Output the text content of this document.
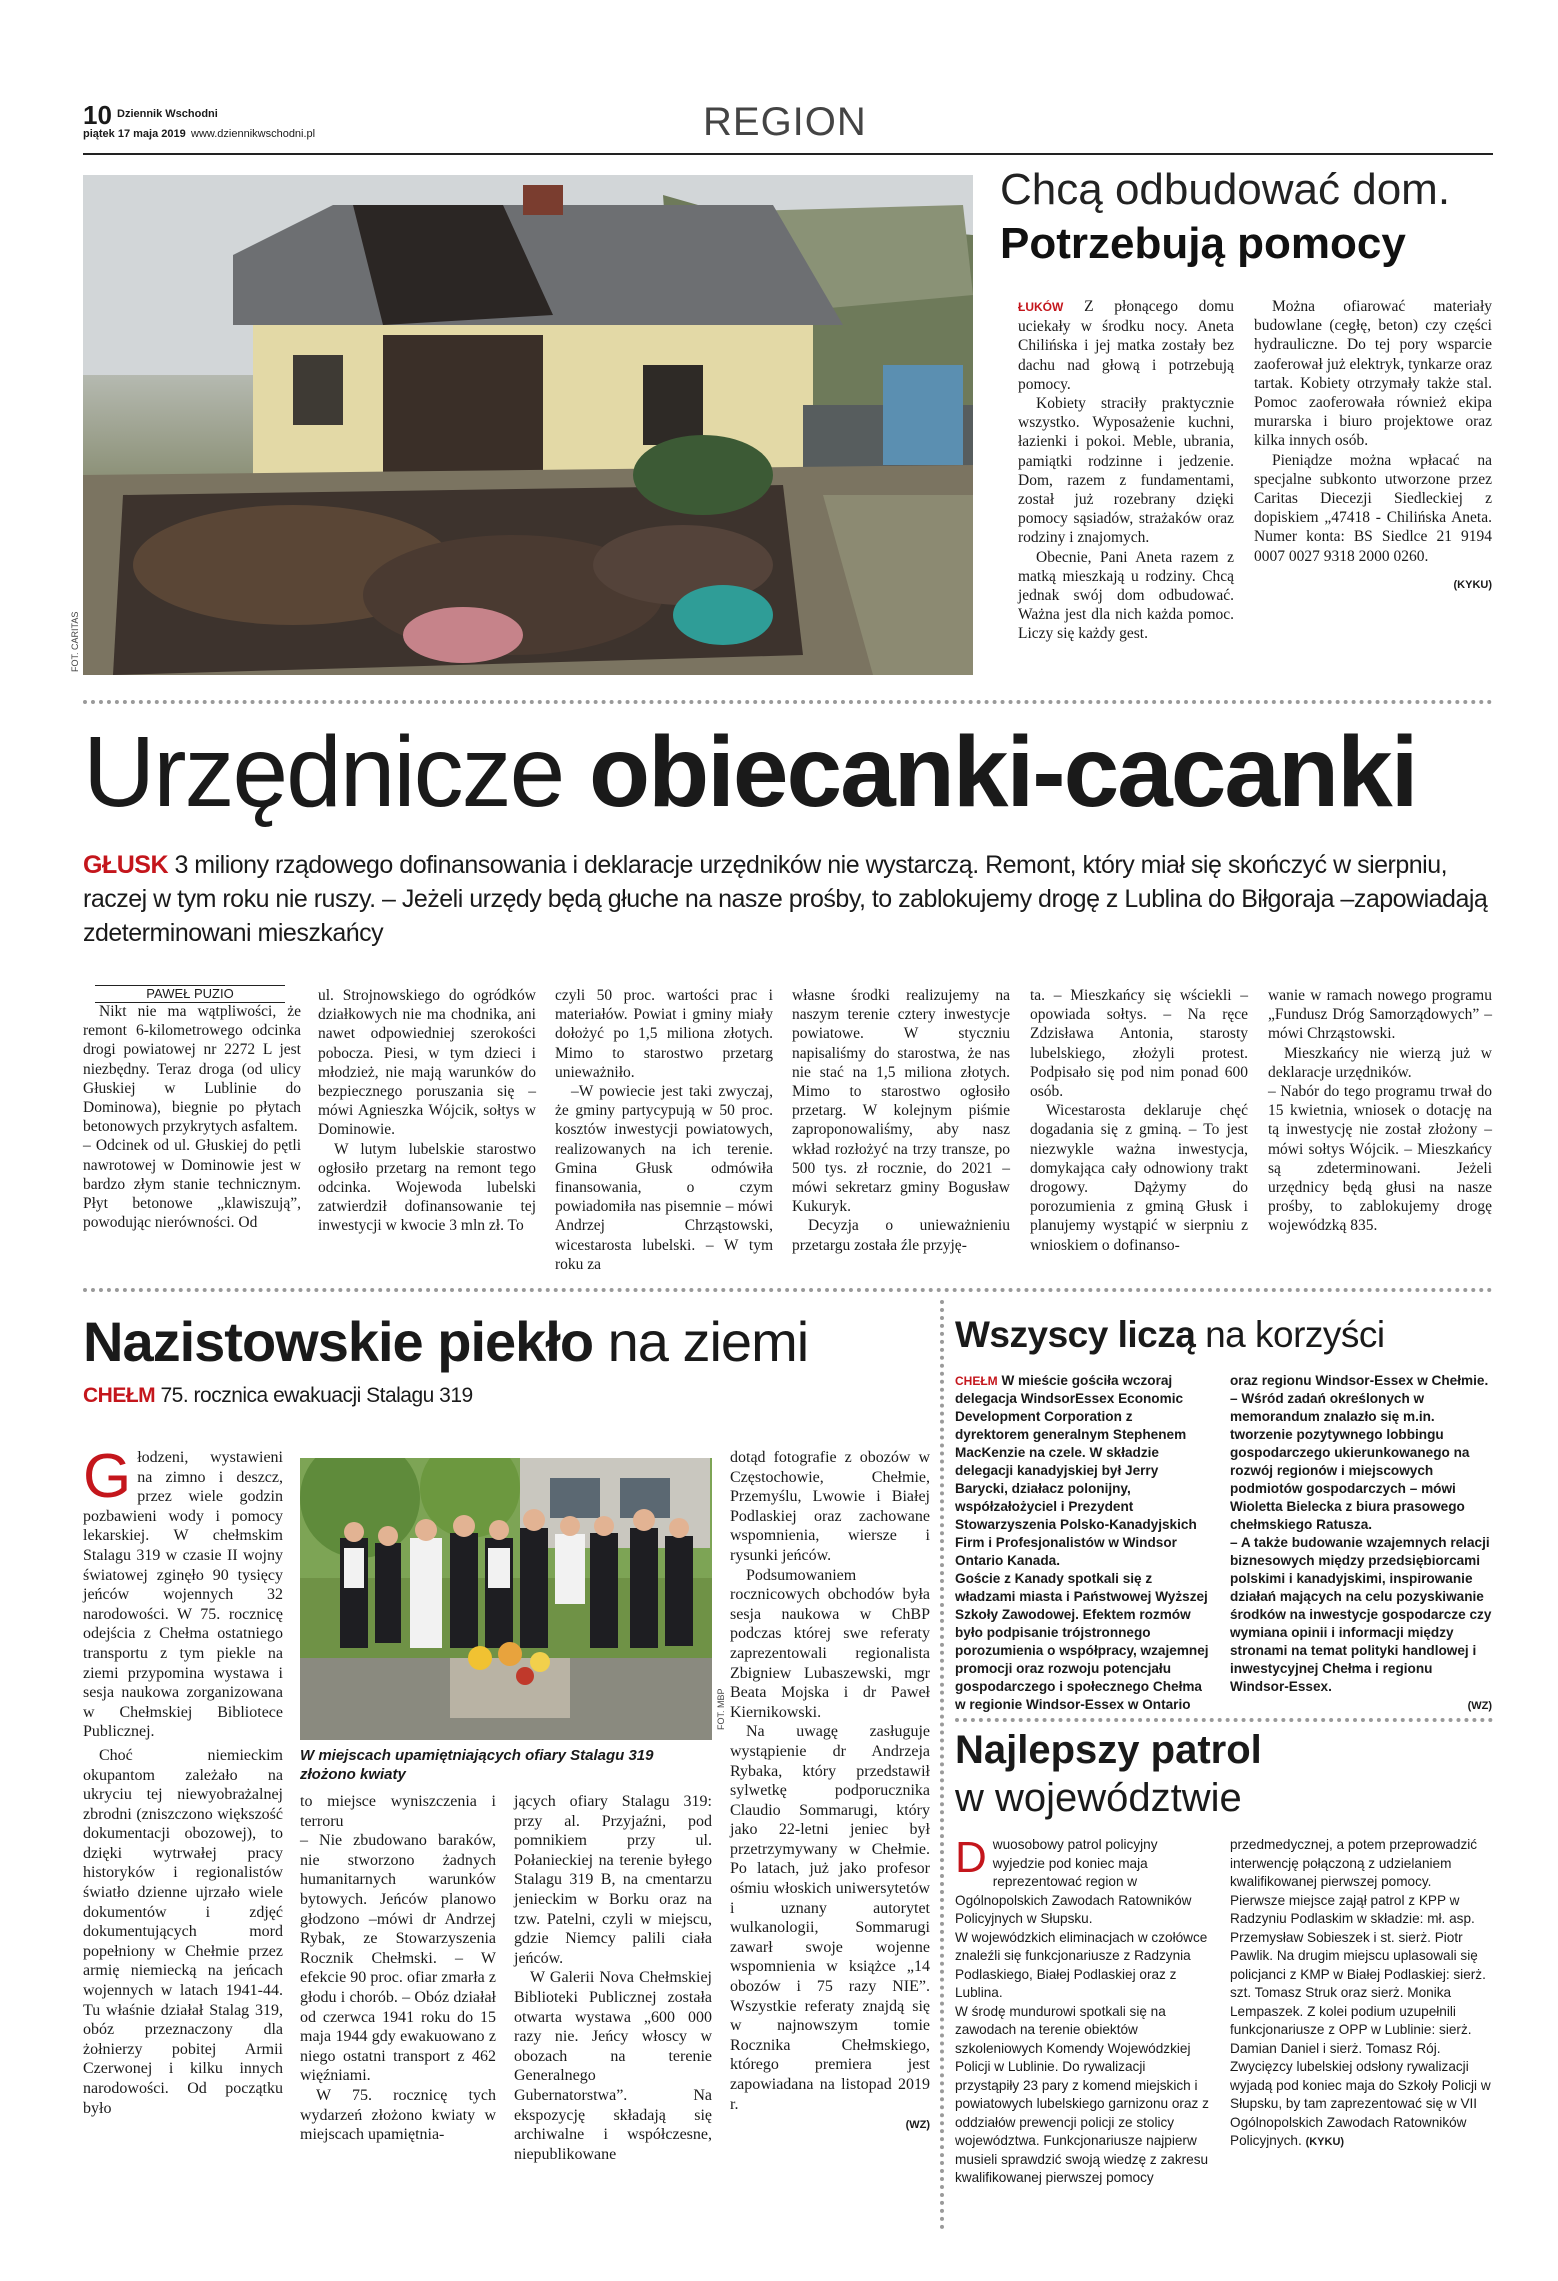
10 Dziennik Wschodni
piątek 17 maja 2019 www.dziennikwschodni.pl	REGION
FOT. CARITAS
Chcą odbudować dom.
Potrzebują pomocy

ŁUKÓW Z płonącego domu uciekały w środku nocy. Aneta Chilińska i jej matka zostały bez dachu nad głową i potrzebują pomocy.

Kobiety straciły praktycznie wszystko. Wyposażenie kuchni, łazienki i pokoi. Meble, ubrania, pamiątki rodzinne i jedzenie. Dom, razem z fundamentami, został już rozebrany dzięki pomocy sąsiadów, strażaków oraz rodziny i znajomych.

Obecnie, Pani Aneta razem z matką mieszkają u rodziny. Chcą jednak swój dom odbudować. Ważna jest dla nich każda pomoc. Liczy się każdy gest.

Można ofiarować materiały budowlane (cegłę, beton) czy części hydrauliczne. Do tej pory wsparcie zaoferował już elektryk, tynkarze oraz tartak. Kobiety otrzymały także stal. Pomoc zaoferowała również ekipa murarska i biuro projektowe oraz kilka innych osób.

Pieniądze można wpłacać na specjalne subkonto utworzone przez Caritas Diecezji Siedleckiej z dopiskiem „47418 - Chilińska Aneta. Numer konta: BS Siedlce 21 9194 0007 0027 9318 2000 0260.

(KYKU)

Urzędnicze obiecanki-cacanki
GŁUSK 3 miliony rządowego dofinansowania i deklaracje urzędników nie wystarczą. Remont, który miał się skończyć w sierpniu, raczej w tym roku nie ruszy. – Jeżeli urzędy będą głuche na nasze prośby, to zablokujemy drogę z Lublina do Biłgoraja –zapowiadają zdeterminowani mieszkańcy
PAWEŁ PUZIO

Nikt nie ma wątpliwości, że remont 6-kilometrowego odcinka drogi powiatowej nr 2272 L jest niezbędny. Teraz droga (od ulicy Głuskiej w Lublinie do Dominowa), biegnie po płytach betonowych przykrytych asfaltem.

– Odcinek od ul. Głuskiej do pętli nawrotowej w Dominowie jest w bardzo złym stanie technicznym. Płyt betonowe „klawiszują”, powodując nierówności. Od

ul. Strojnowskiego do ogródków działkowych nie ma chodnika, ani nawet odpowiedniej szerokości pobocza. Piesi, w tym dzieci i młodzież, nie mają warunków do bezpiecznego poruszania się – mówi Agnieszka Wójcik, sołtys w Dominowie.

W lutym lubelskie starostwo ogłosiło przetarg na remont tego odcinka. Wojewoda lubelski zatwierdził dofinansowanie tej inwestycji w kwocie 3 mln zł. To

czyli 50 proc. wartości prac i materiałów. Powiat i gminy miały dołożyć po 1,5 miliona złotych. Mimo to starostwo przetarg unieważniło.

–W powiecie jest taki zwyczaj, że gminy partycypują w 50 proc. kosztów inwestycji powiatowych, realizowanych na ich terenie. Gmina Głusk odmówiła finansowania, o czym powiadomiła nas pisemnie – mówi Andrzej Chrząstowski, wicestarosta lubelski. – W tym roku za

własne środki realizujemy na naszym terenie cztery inwestycje powiatowe. W styczniu napisaliśmy do starostwa, że nas nie stać na 1,5 miliona złotych. Mimo to starostwo ogłosiło przetarg. W kolejnym piśmie zaproponowaliśmy, aby nasz wkład rozłożyć na trzy transze, po 500 tys. zł rocznie, do 2021 – mówi sekretarz gminy Bogusław Kukuryk.

Decyzja o unieważnieniu przetargu została źle przyję-

ta. – Mieszkańcy się wściekli – opowiada sołtys. – Na ręce Zdzisława Antonia, starosty lubelskiego, złożyli protest. Podpisało się pod nim ponad 600 osób.

Wicestarosta deklaruje chęć dogadania się z gminą. – To jest niezwykle ważna inwestycja, domykająca cały odnowiony trakt drogowy. Dążymy do porozumienia z gminą Głusk i planujemy wystąpić w sierpniu z wnioskiem o dofinanso-

wanie w ramach nowego programu „Fundusz Dróg Samorządowych” – mówi Chrząstowski.

Mieszkańcy nie wierzą już w deklaracje urzędników.

– Nabór do tego programu trwał do 15 kwietnia, wniosek o dotację na tą inwestycję nie został złożony – mówi sołtys Wójcik. – Mieszkańcy są zdeterminowani. Jeżeli urzędnicy będą głusi na nasze prośby, to zablokujemy drogę wojewódzką 835.

Nazistowskie piekło na ziemi
CHEŁM 75. rocznica ewakuacji Stalagu 319

Głodzeni, wystawieni na zimno i deszcz, przez wiele godzin pozbawieni wody i pomocy lekarskiej. W chełmskim Stalagu 319 w czasie II wojny światowej zginęło 90 tysięcy jeńców wojennych 32 narodowości. W 75. rocznicę odejścia z Chełma ostatniego transportu z tym piekle na ziemi przypomina wystawa i sesja naukowa zorganizowana w Chełmskiej Bibliotece Publicznej.

Choć niemieckim okupantom zależało na ukryciu tej niewyobrażalnej zbrodni (zniszczono większość dokumentacji obozowej), to dzięki wytrwałej pracy historyków i regionalistów światło dzienne ujrzało wiele dokumentów i zdjęć dokumentujących mord popełniony w Chełmie przez armię niemiecką na jeńcach wojennych w latach 1941-44. Tu właśnie działał Stalag 319, obóz przeznaczony dla żołnierzy pobitej Armii Czerwonej i kilku innych narodowości. Od początku było

FOT. MBP
W miejscach upamiętniających ofiary Stalagu 319 złożono kwiaty

to miejsce wyniszczenia i terroru

– Nie zbudowano baraków, nie stworzono żadnych humanitarnych warunków bytowych. Jeńców planowo głodzono –mówi dr Andrzej Rybak, ze Stowarzyszenia Rocznik Chełmski. – W efekcie 90 proc. ofiar zmarła z głodu i chorób. – Obóz działał od czerwca 1941 roku do 15 maja 1944 gdy ewakuowano z niego ostatni transport z 462 więźniami.

W 75. rocznicę tych wydarzeń złożono kwiaty w miejscach upamiętnia-

jących ofiary Stalagu 319: przy al. Przyjaźni, pod pomnikiem przy ul. Połanieckiej na terenie byłego Stalagu 319 B, na cmentarzu jenieckim w Borku oraz na tzw. Patelni, czyli w miejscu, gdzie Niemcy palili ciała jeńców.

W Galerii Nova Chełmskiej Biblioteki Publicznej została otwarta wystawa „600 000 razy nie. Jeńcy włoscy w obozach na terenie Generalnego Gubernatorstwa”. Na ekspozycję składają się archiwalne i współczesne, niepublikowane

dotąd fotografie z obozów w Częstochowie, Chełmie, Przemyślu, Lwowie i Białej Podlaskiej oraz zachowane wspomnienia, wiersze i rysunki jeńców.

Podsumowaniem rocznicowych obchodów była sesja naukowa w ChBP podczas której swe referaty zaprezentowali regionalista Zbigniew Lubaszewski, mgr Beata Mojska i dr Paweł Kiernikowski.

Na uwagę zasługuje wystąpienie dr Andrzeja Rybaka, który przedstawił sylwetkę podporucznika Claudio Sommarugi, który jako 22-letni jeniec był przetrzymywany w Chełmie. Po latach, już jako profesor ośmiu włoskich uniwersytetów i uznany autorytet wulkanologii, Sommarugi zawarł swoje wojenne wspomnienia w książce „14 obozów i 75 razy NIE”. Wszystkie referaty znajdą się w najnowszym tomie Rocznika Chełmskiego, którego premiera jest zapowiadana na listopad 2019 r.

(WZ)

Wszyscy liczą na korzyści

CHEŁM W mieście gościła wczoraj delegacja WindsorEssex Economic Development Corporation z dyrektorem generalnym Stephenem MacKenzie na czele. W składzie delegacji kanadyjskiej był Jerry Barycki, działacz polonijny, współzałożyciel i Prezydent Stowarzyszenia Polsko-Kanadyjskich Firm i Profesjonalistów w Windsor Ontario Kanada.

Goście z Kanady spotkali się z władzami miasta i Państwowej Wyższej Szkoły Zawodowej. Efektem rozmów było podpisanie trójstronnego porozumienia o współpracy, wzajemnej promocji oraz rozwoju potencjału gospodarczego i społecznego Chełma w regionie Windsor-Essex w Ontario

oraz regionu Windsor-Essex w Chełmie.

– Wśród zadań określonych w memorandum znalazło się m.in. tworzenie pozytywnego lobbingu gospodarczego ukierunkowanego na rozwój regionów i miejscowych podmiotów gospodarczych – mówi Wioletta Bielecka z biura prasowego chełmskiego Ratusza.

– A także budowanie wzajemnych relacji biznesowych między przedsiębiorcami polskimi i kanadyjskimi, inspirowanie działań mających na celu pozyskiwanie środków na inwestycje gospodarcze czy wymiana opinii i informacji między stronami na temat polityki handlowej i inwestycyjnej Chełma i regionu Windsor-Essex.

(WZ)

Najlepszy patrol
w województwie

Dwuosobowy patrol policyjny wyjedzie pod koniec maja reprezentować region w Ogólnopolskich Zawodach Ratowników Policyjnych w Słupsku.

W wojewódzkich eliminacjach w czołówce znaleźli się funkcjonariusze z Radzynia Podlaskiego, Białej Podlaskiej oraz z Lublina.

W środę mundurowi spotkali się na zawodach na terenie obiektów szkoleniowych Komendy Wojewódzkiej Policji w Lublinie. Do rywalizacji przystąpiły 23 pary z komend miejskich i powiatowych lubelskiego garnizonu oraz z oddziałów prewencji policji ze stolicy województwa. Funkcjonariusze najpierw musieli sprawdzić swoją wiedzę z zakresu kwalifikowanej pierwszej pomocy

przedmedycznej, a potem przeprowadzić interwencję połączoną z udzielaniem kwalifikowanej pierwszej pomocy.

Pierwsze miejsce zajął patrol z KPP w Radzyniu Podlaskim w składzie: mł. asp. Przemysław Sobieszek i st. sierż. Piotr Pawlik. Na drugim miejscu uplasowali się policjanci z KMP w Białej Podlaskiej: sierż. szt. Tomasz Struk oraz sierż. Monika Lempaszek. Z kolei podium uzupełnili funkcjonariusze z OPP w Lublinie: sierż. Damian Daniel i sierż. Tomasz Rój.

Zwycięzcy lubelskiej odsłony rywalizacji wyjadą pod koniec maja do Szkoły Policji w Słupsku, by tam zaprezentować się w VII Ogólnopolskich Zawodach Ratowników Policyjnych. (KYKU)
